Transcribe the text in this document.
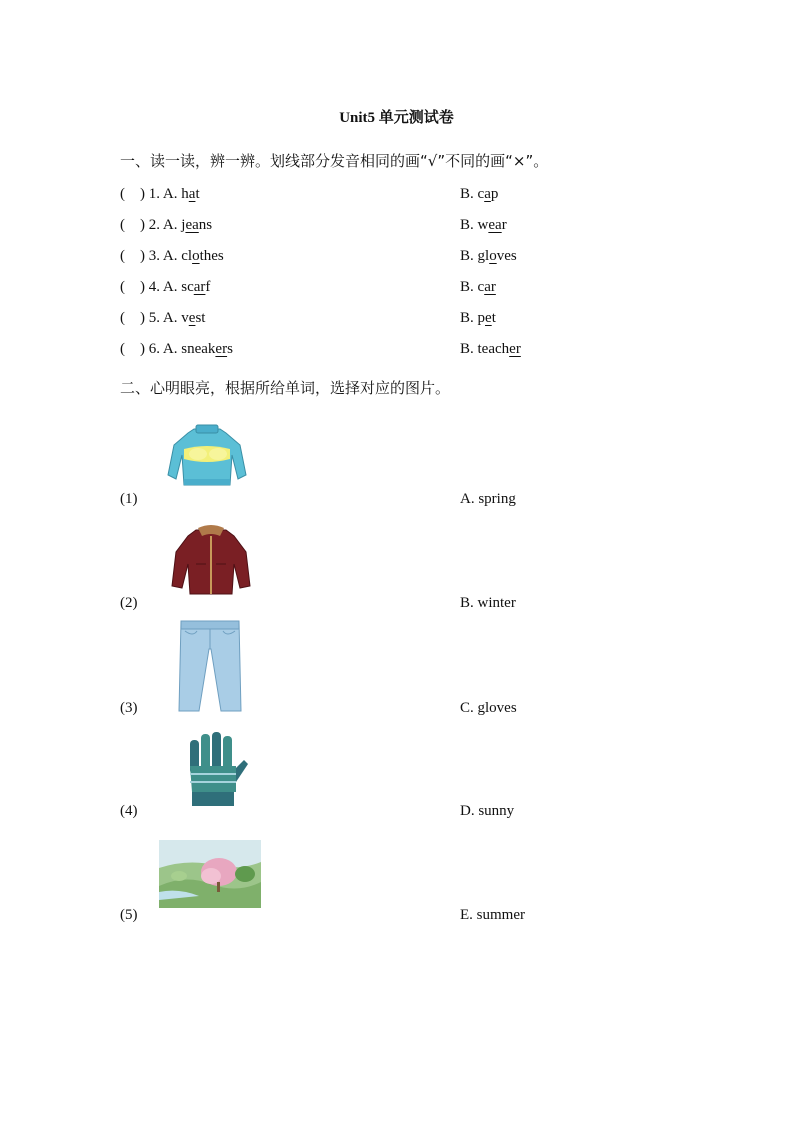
Unit5 单元测试卷
一、读一读，辨一辨。划线部分发音相同的画“√”不同的画“×”。
(    ) 1. A. hat	B. cap
(    ) 2. A. jeans	B. wear
(    ) 3. A. clothes	B. gloves
(    ) 4. A. scarf	B. car
(    ) 5. A. vest	B. pet
(    ) 6. A. sneakers	B. teacher
二、心明眼亮，根据所给单词，选择对应的图片。
(1)	A. spring
(2)	B. winter
(3)	C. gloves
(4)	D. sunny
(5)	E. summer
